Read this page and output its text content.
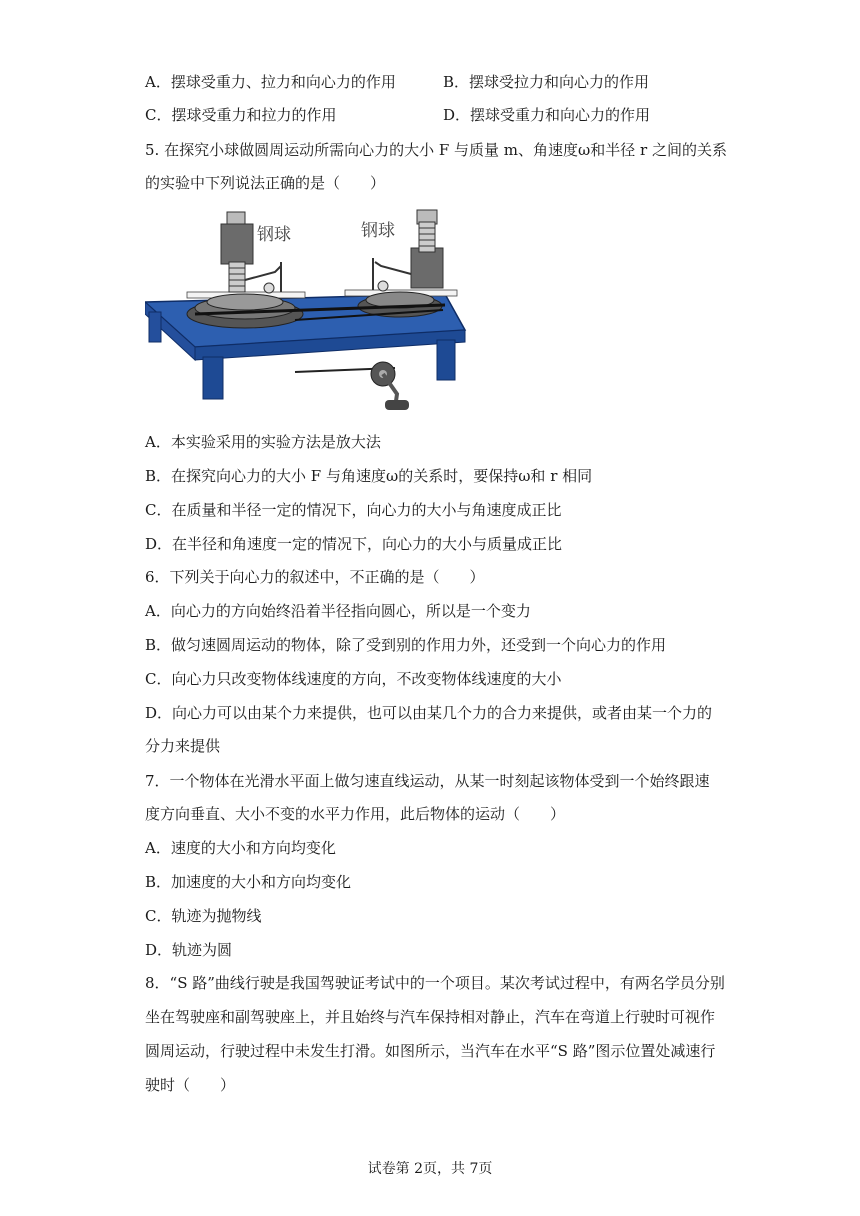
A．摆球受重力、拉力和向心力的作用	B．摆球受拉力和向心力的作用
C．摆球受重力和拉力的作用	D．摆球受重力和向心力的作用
5. 在探究小球做圆周运动所需向心力的大小 F 与质量 m、角速度ω和半径 r 之间的关系
的实验中下列说法正确的是（　　）
钢球	钢球
A．本实验采用的实验方法是放大法
B．在探究向心力的大小 F 与角速度ω的关系时，要保持ω和 r 相同
C．在质量和半径一定的情况下，向心力的大小与角速度成正比
D．在半径和角速度一定的情况下，向心力的大小与质量成正比
6．下列关于向心力的叙述中，不正确的是（　　）
A．向心力的方向始终沿着半径指向圆心，所以是一个变力
B．做匀速圆周运动的物体，除了受到别的作用力外，还受到一个向心力的作用
C．向心力只改变物体线速度的方向，不改变物体线速度的大小
D．向心力可以由某个力来提供，也可以由某几个力的合力来提供，或者由某一个力的
分力来提供
7．一个物体在光滑水平面上做匀速直线运动，从某一时刻起该物体受到一个始终跟速
度方向垂直、大小不变的水平力作用，此后物体的运动（　　）
A．速度的大小和方向均变化
B．加速度的大小和方向均变化
C．轨迹为抛物线
D．轨迹为圆
8．“S 路”曲线行驶是我国驾驶证考试中的一个项目。某次考试过程中，有两名学员分别
坐在驾驶座和副驾驶座上，并且始终与汽车保持相对静止，汽车在弯道上行驶时可视作
圆周运动，行驶过程中未发生打滑。如图所示，当汽车在水平“S 路”图示位置处减速行
驶时（　　）
试卷第 2页，共 7页
